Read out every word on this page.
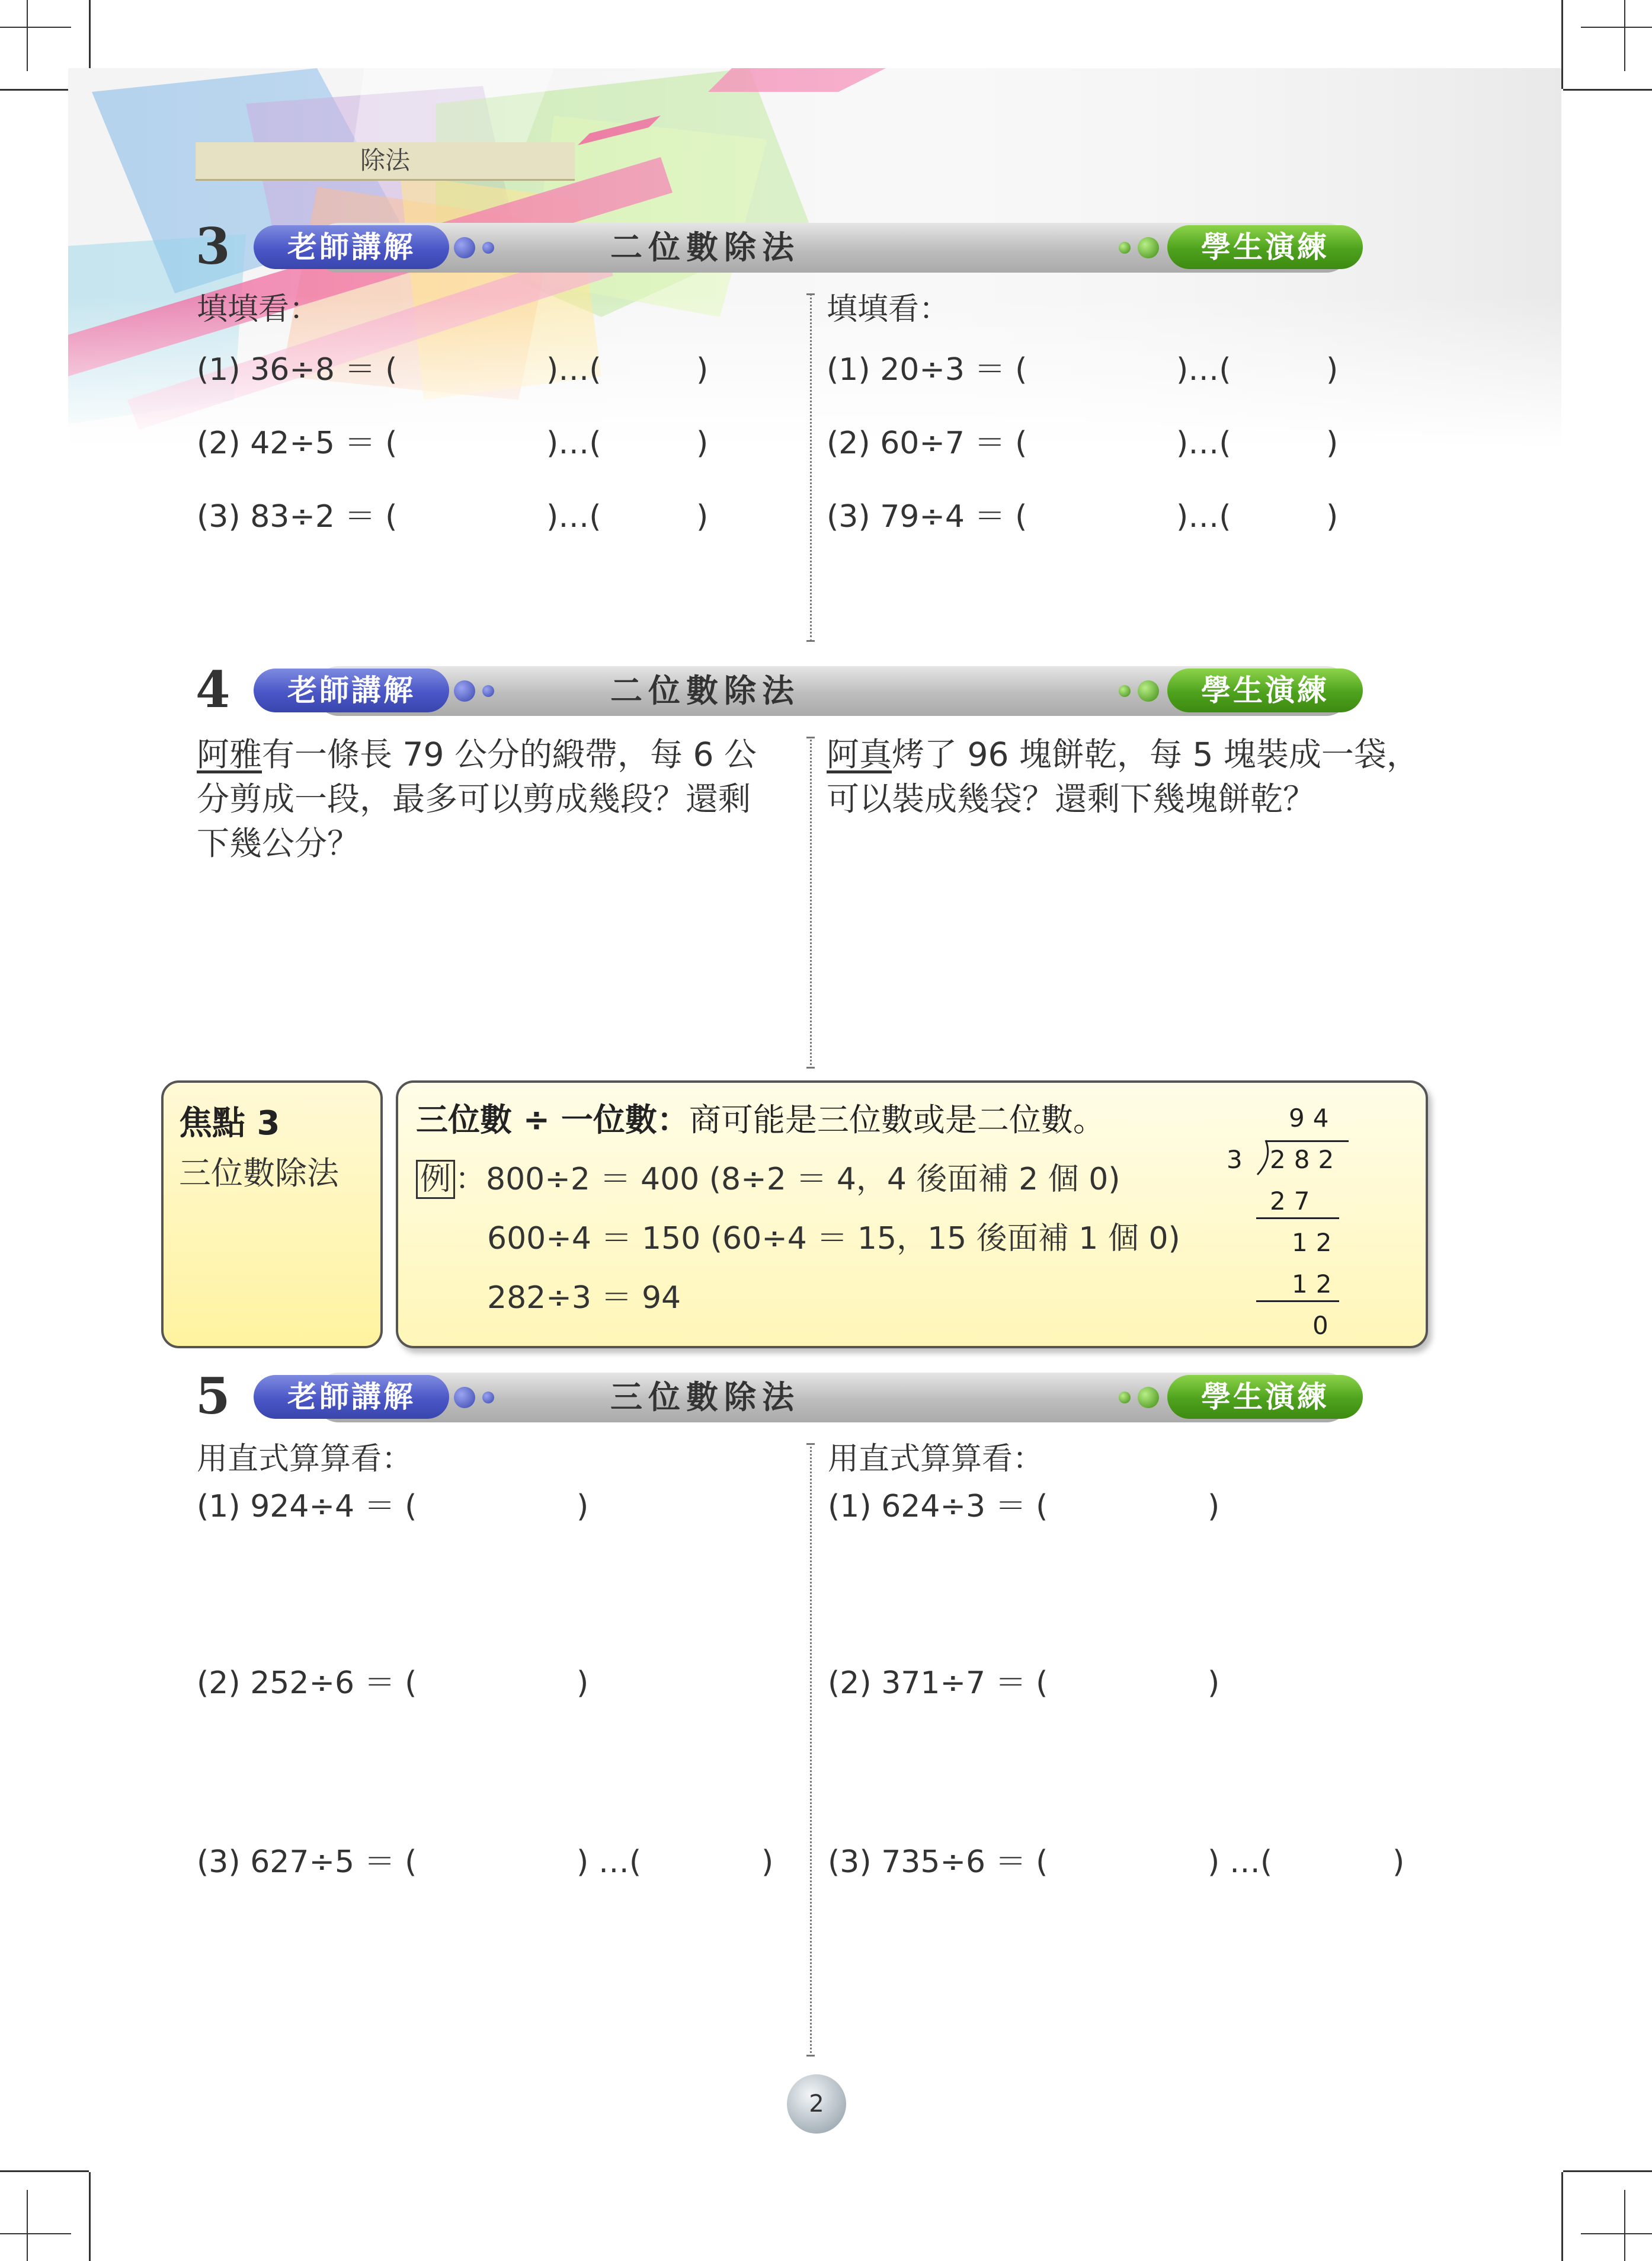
除法
3	老師講解	二位數除法	學生演練
填填看：
(1) 36÷8 ＝ (	)…(	)
(2) 42÷5 ＝ (	)…(	)
(3) 83÷2 ＝ (	)…(	)
填填看：
(1) 20÷3 ＝ (	)…(	)
(2) 60÷7 ＝ (	)…(	)
(3) 79÷4 ＝ (	)…(	)
4	老師講解	二位數除法	學生演練
阿雅有一條長 79 公分的緞帶，每 6 公
分剪成一段，最多可以剪成幾段？還剩
下幾公分？
阿真烤了 96 塊餅乾，每 5 塊裝成一袋，
可以裝成幾袋？還剩下幾塊餅乾？
焦點 3
三位數除法
三位數 ÷ 一位數：商可能是三位數或是二位數。
例 ：800÷2 ＝ 400 (8÷2 ＝ 4，4 後面補 2 個 0)
600÷4 ＝ 150 (60÷4 ＝ 15，15 後面補 1 個 0)
282÷3 ＝ 94
94
3 282
27
12
12
0
5	老師講解	三位數除法	學生演練
用直式算算看：
(1) 924÷4 ＝ (	)
(2) 252÷6 ＝ (	)
(3) 627÷5 ＝ (	) …(	)
用直式算算看：
(1) 624÷3 ＝ (	)
(2) 371÷7 ＝ (	)
(3) 735÷6 ＝ (	) …(	)
2
